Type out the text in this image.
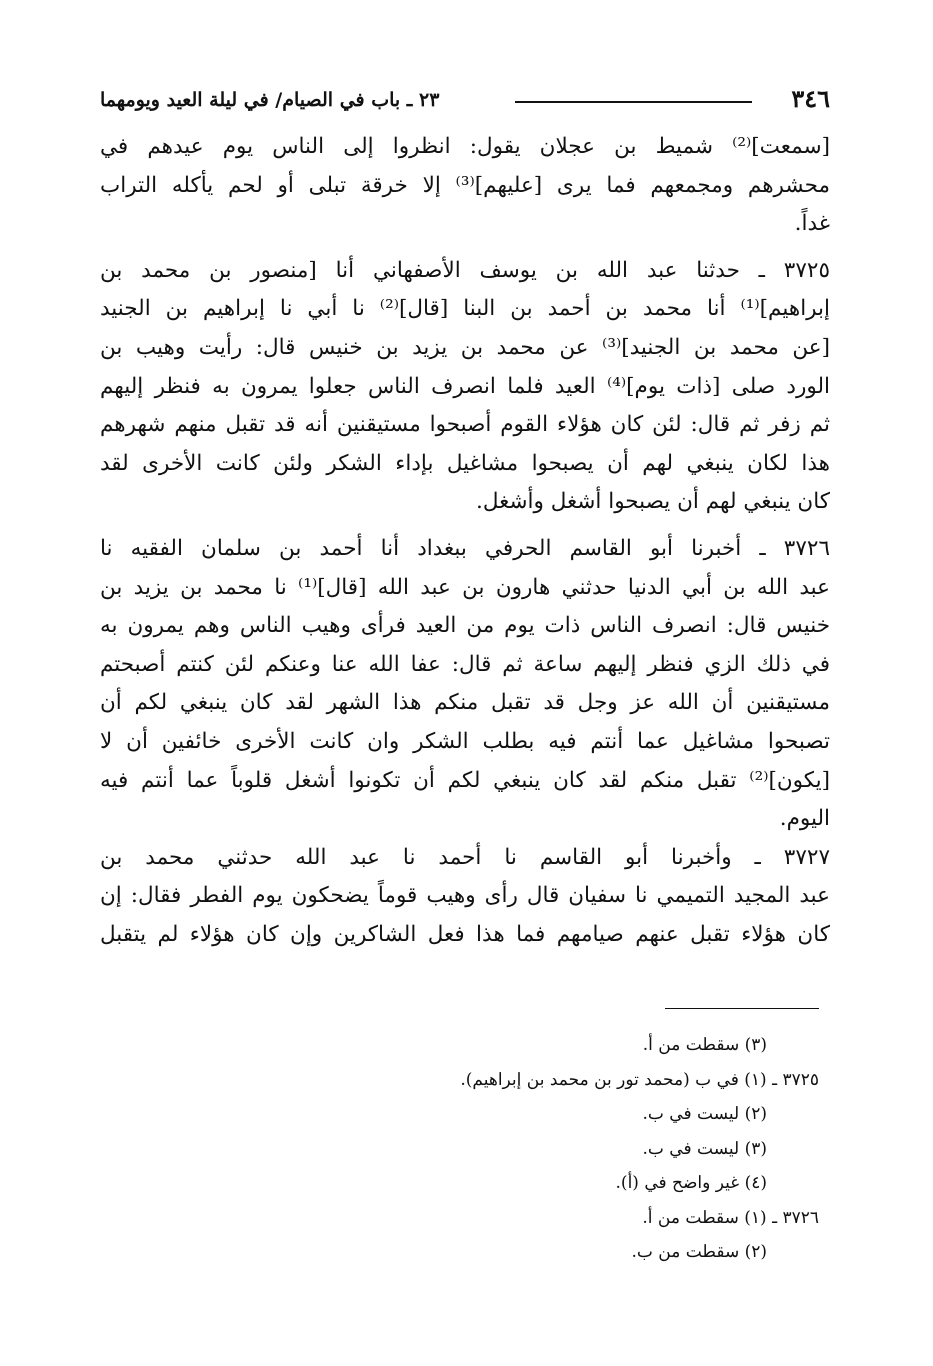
٣٤٦
٢٣ ـ باب في الصيام/ في ليلة العيد ويومهما

[سمعت]⁽²⁾ شميط بن عجلان يقول: انظروا إلى الناس يوم عيدهم في
محشرهم ومجمعهم فما يرى [عليهم]⁽³⁾ إلا خرقة تبلى أو لحم يأكله التراب
غداً.

٣٧٢٥ ـ حدثنا عبد الله بن يوسف الأصفهاني أنا [منصور بن محمد بن
إبراهيم]⁽¹⁾ أنا محمد بن أحمد بن البنا [قال]⁽²⁾ نا أبي نا إبراهيم بن الجنيد
[عن محمد بن الجنيد]⁽³⁾ عن محمد بن يزيد بن خنيس قال: رأيت وهيب بن
الورد صلى [ذات يوم]⁽⁴⁾ العيد فلما انصرف الناس جعلوا يمرون به فنظر إليهم
ثم زفر ثم قال: لئن كان هؤلاء القوم أصبحوا مستيقنين أنه قد تقبل منهم شهرهم
هذا لكان ينبغي لهم أن يصبحوا مشاغيل بإداء الشكر ولئن كانت الأخرى لقد
كان ينبغي لهم أن يصبحوا أشغل وأشغل.

٣٧٢٦ ـ أخبرنا أبو القاسم الحرفي ببغداد أنا أحمد بن سلمان الفقيه نا
عبد الله بن أبي الدنيا حدثني هارون بن عبد الله [قال]⁽¹⁾ نا محمد بن يزيد بن
خنيس قال: انصرف الناس ذات يوم من العيد فرأى وهيب الناس وهم يمرون به
في ذلك الزي فنظر إليهم ساعة ثم قال: عفا الله عنا وعنكم لئن كنتم أصبحتم
مستيقنين أن الله عز وجل قد تقبل منكم هذا الشهر لقد كان ينبغي لكم أن
تصبحوا مشاغيل عما أنتم فيه بطلب الشكر وان كانت الأخرى خائفين أن لا
[يكون]⁽²⁾ تقبل منكم لقد كان ينبغي لكم أن تكونوا أشغل قلوباً عما أنتم فيه
اليوم.

٣٧٢٧ ـ وأخبرنا أبو القاسم نا أحمد نا عبد الله حدثني محمد بن
عبد المجيد التميمي نا سفيان قال رأى وهيب قوماً يضحكون يوم الفطر فقال: إن
كان هؤلاء تقبل عنهم صيامهم فما هذا فعل الشاكرين وإن كان هؤلاء لم يتقبل

(٣) سقطت من أ.
٣٧٢٥ ـ (١) في ب (محمد تور بن محمد بن إبراهيم).
(٢) ليست في ب.
(٣) ليست في ب.
(٤) غير واضح في (أ).
٣٧٢٦ ـ (١) سقطت من أ.
(٢) سقطت من ب.
